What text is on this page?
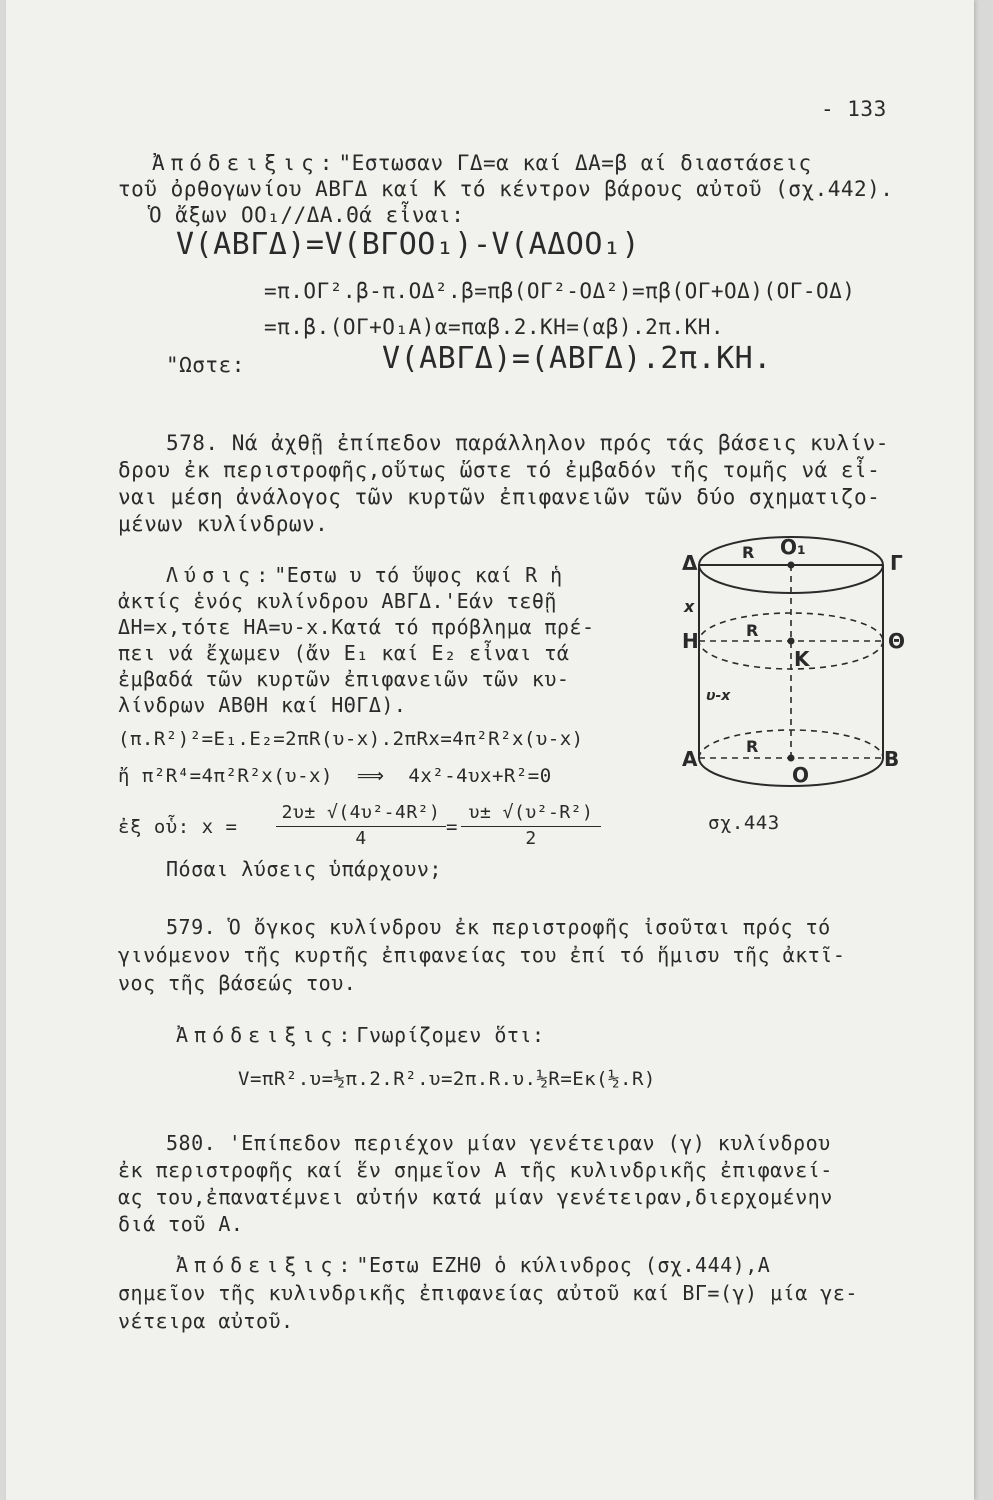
- 133
Ἀπόδειξις:"Εστωσαν ΓΔ=α καί ΔΑ=β αί διαστάσεις
τοῦ ὀρθογωνίου ΑΒΓΔ καί Κ τό κέντρον βάρους αὐτοῦ (σχ.442).
Ὁ ἄξων ΟΟ₁//ΔΑ.Θά εἶναι:
V(ΑΒΓΔ)=V(ΒΓΟΟ₁)-V(ΑΔΟΟ₁)
=π.ΟΓ².β-π.ΟΔ².β=πβ(ΟΓ²-ΟΔ²)=πβ(ΟΓ+ΟΔ)(ΟΓ-ΟΔ)
=π.β.(ΟΓ+Ο₁Α)α=παβ.2.ΚΗ=(αβ).2π.ΚΗ.
"Ωστε:	V(ΑΒΓΔ)=(ΑΒΓΔ).2π.ΚΗ.
578. Νά ἀχθῇ ἐπίπεδον παράλληλον πρός τάς βάσεις κυλίν-
δρου ἐκ περιστροφῆς,οὕτως ὥστε τό ἐμβαδόν τῆς τομῆς νά εἶ-
ναι μέση ἀνάλογος τῶν κυρτῶν ἐπιφανειῶν τῶν δύο σχηματιζο-
μένων κυλίνδρων.
Λύσις:"Εστω υ τό ὕψος καί R ἡ
ἀκτίς ἑνός κυλίνδρου ΑΒΓΔ.'Εάν τεθῇ
ΔΗ=x,τότε ΗΑ=υ-x.Κατά τό πρόβλημα πρέ-
πει νά ἔχωμεν (ἄν Ε₁ καί Ε₂ εἶναι τά
ἐμβαδά τῶν κυρτῶν ἐπιφανειῶν τῶν κυ-
λίνδρων ΑΒΘΗ καί ΗΘΓΔ).
(π.R²)²=E₁.E₂=2πR(υ-x).2πRx=4π²R²x(υ-x)
ἤ π²R⁴=4π²R²x(υ-x)  ⟹  4x²-4υx+R²=0
ἐξ οὗ: x =
2υ± √(4υ²-4R²)
4
=
υ± √(υ²-R²)
2
Πόσαι λύσεις ὑπάρχουν;
Δ	Γ
Η	Θ
Α	Β
Ο₁
Κ
Ο
R
R
R
x
υ-x
σχ.443
579. Ὁ ὄγκος κυλίνδρου ἐκ περιστροφῆς ἰσοῦται πρός τό
γινόμενον τῆς κυρτῆς ἐπιφανείας του ἐπί τό ἥμισυ τῆς ἀκτῖ-
νος τῆς βάσεώς του.
Ἀπόδειξις:Γνωρίζομεν ὅτι:
V=πR².υ=½π.2.R².υ=2π.R.υ.½R=Eκ(½.R)
580. 'Επίπεδον περιέχον μίαν γενέτειραν (γ) κυλίνδρου
ἐκ περιστροφῆς καί ἕν σημεῖον Α τῆς κυλινδρικῆς ἐπιφανεί-
ας του,ἐπανατέμνει αὐτήν κατά μίαν γενέτειραν,διερχομένην
διά τοῦ Α.
Ἀπόδειξις:"Εστω ΕΖΗΘ ὁ κύλινδρος (σχ.444),Α
σημεῖον τῆς κυλινδρικῆς ἐπιφανείας αὐτοῦ καί ΒΓ=(γ) μία γε-
νέτειρα αὐτοῦ.
